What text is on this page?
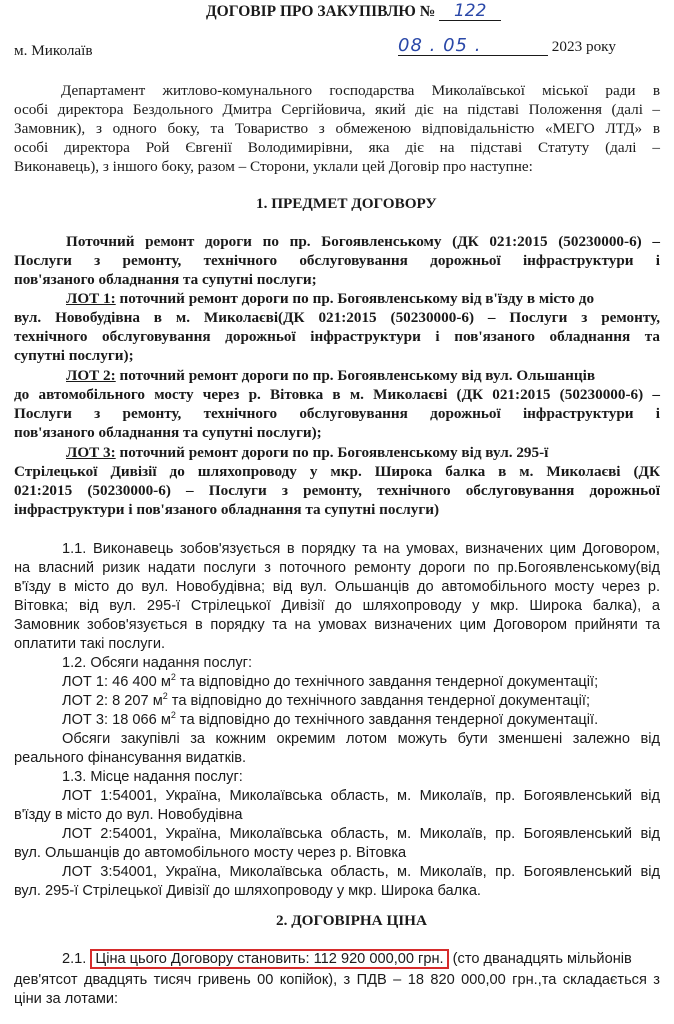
ДОГОВІР ПРО ЗАКУПІВЛЮ № 122
м. Миколаїв	08 . 05 .	2023 року
Департамент житлово-комунального господарства Миколаївської міської ради в
особі директора Бездольного Дмитра Сергійовича, який діє на підставі Положення (далі –
Замовник), з одного боку, та Товариство з обмеженою відповідальністю «МЕГО ЛТД» в
особі директора Рой Євгенії Володимирівни, яка діє на підставі Статуту (далі –
Виконавець), з іншого боку, разом – Сторони, уклали цей Договір про наступне:
1. ПРЕДМЕТ ДОГОВОРУ
Поточний ремонт дороги по пр. Богоявленському (ДК 021:2015 (50230000-6) –
Послуги з ремонту, технічного обслуговування дорожньої інфраструктури і
пов'язаного обладнання та супутні послуги;
ЛОТ 1: поточний ремонт дороги по пр. Богоявленському від в'їзду в місто до
вул. Новобудівна в м. Миколаєві(ДК 021:2015 (50230000-6) – Послуги з ремонту,
технічного обслуговування дорожньої інфраструктури і пов'язаного обладнання та
супутні послуги);
ЛОТ 2: поточний ремонт дороги по пр. Богоявленському від вул. Ольшанців
до автомобільного мосту через р. Вітовка в м. Миколаєві (ДК 021:2015 (50230000-6) –
Послуги з ремонту, технічного обслуговування дорожньої інфраструктури і
пов'язаного обладнання та супутні послуги);
ЛОТ 3: поточний ремонт дороги по пр. Богоявленському від вул. 295-ї
Стрілецької Дивізії до шляхопроводу у мкр. Широка балка в м. Миколаєві (ДК
021:2015 (50230000-6) – Послуги з ремонту, технічного обслуговування дорожньої
інфраструктури і пов'язаного обладнання та супутні послуги)
1.1. Виконавець зобов'язується в порядку та на умовах, визначених цим Договором,
на власний ризик надати послуги з поточного ремонту дороги по пр.Богоявленському(від
в'їзду в місто до вул. Новобудівна; від вул. Ольшанців до автомобільного мосту через р.
Вітовка; від вул. 295-ї Стрілецької Дивізії до шляхопроводу у мкр. Широка балка), а
Замовник зобов'язується в порядку та на умовах визначених цим Договором прийняти та
оплатити такі послуги.
1.2. Обсяги надання послуг:
ЛОТ 1: 46 400 $м^2$ та відповідно до технічного завдання тендерної документації;
ЛОТ 2: 8 207 $м^2$ та відповідно до технічного завдання тендерної документації;
ЛОТ 3: 18 066 $м^2$ та відповідно до технічного завдання тендерної документації.
Обсяги закупівлі за кожним окремим лотом можуть бути зменшені залежно від
реального фінансування видатків.
1.3. Місце надання послуг:
ЛОТ 1:54001, Україна, Миколаївська область, м. Миколаїв, пр. Богоявленський від
в'їзду в місто до вул. Новобудівна
ЛОТ 2:54001, Україна, Миколаївська область, м. Миколаїв, пр. Богоявленський від
вул. Ольшанців до автомобільного мосту через р. Вітовка
ЛОТ 3:54001, Україна, Миколаївська область, м. Миколаїв, пр. Богоявленський від
вул. 295-ї Стрілецької Дивізії до шляхопроводу у мкр. Широка балка.
2. ДОГОВІРНА ЦІНА
2.1. Ціна цього Договору становить: 112 920 000,00 грн. (сто дванадцять мільйонів
дев'ятсот двадцять тисяч гривень 00 копійок), з ПДВ – 18 820 000,00 грн.,та складається з
ціни за лотами:
